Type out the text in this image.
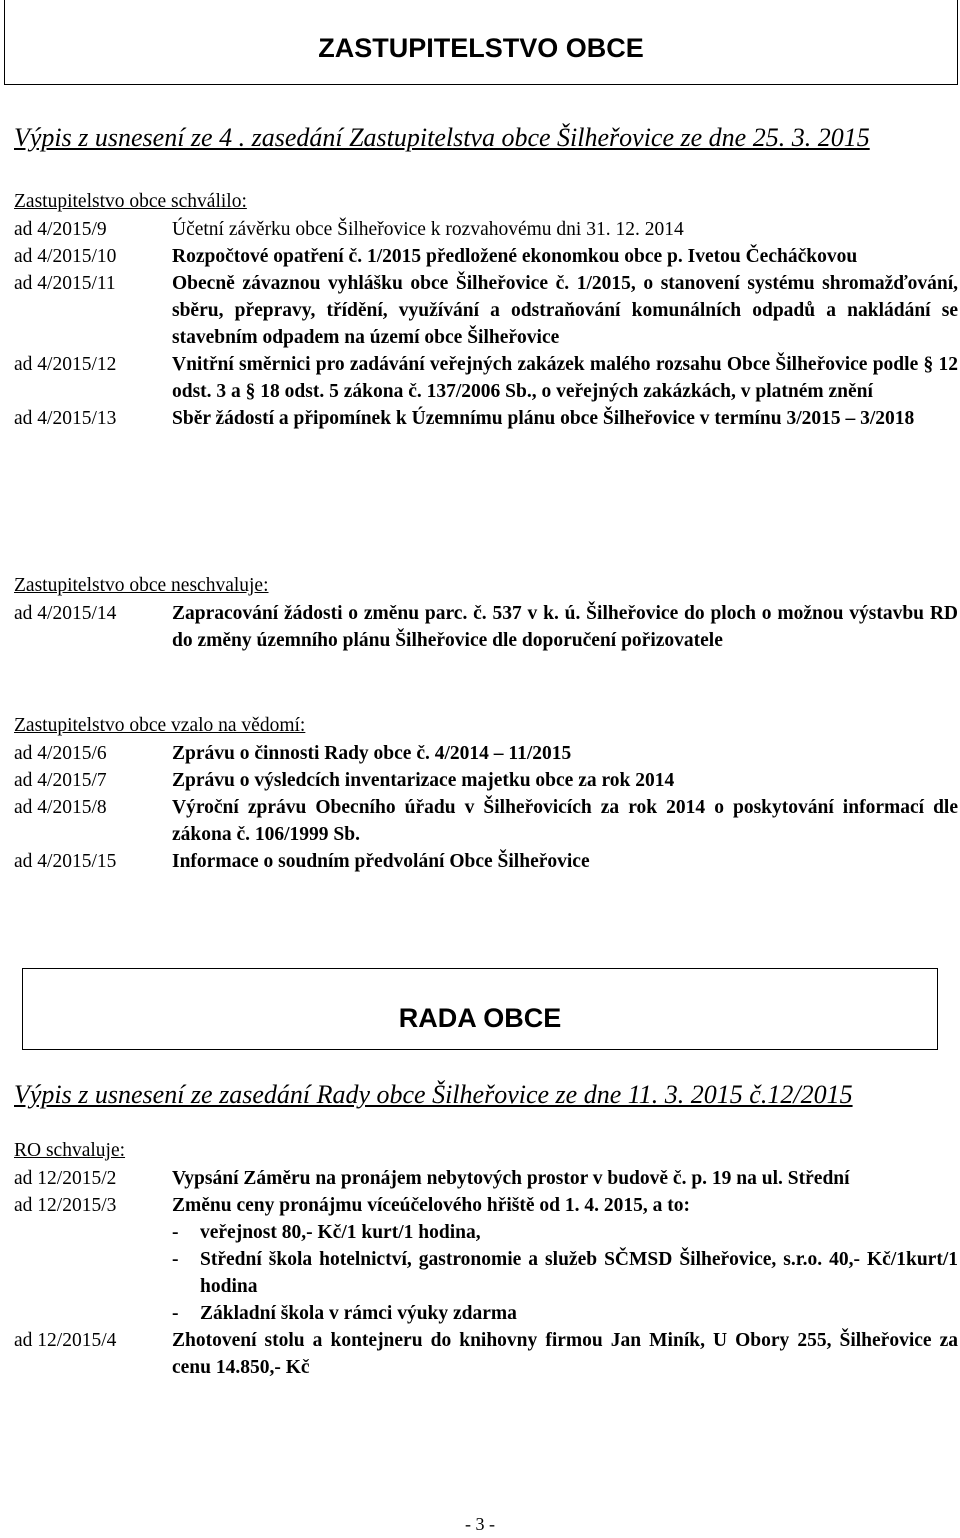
ZASTUPITELSTVO OBCE
Výpis z usnesení ze 4 . zasedání Zastupitelstva obce Šilheřovice ze dne 25. 3. 2015
Zastupitelstvo obce schválilo:
ad 4/2015/9	Účetní závěrku obce Šilheřovice k rozvahovému dni 31. 12. 2014
ad 4/2015/10	Rozpočtové opatření č. 1/2015 předložené ekonomkou obce p. Ivetou Čecháčkovou
ad 4/2015/11	Obecně závaznou vyhlášku obce Šilheřovice č. 1/2015, o stanovení systému shromažďování, sběru, přepravy, třídění, využívání a odstraňování komunálních odpadů a nakládání se stavebním odpadem na území obce Šilheřovice
ad 4/2015/12	Vnitřní směrnici pro zadávání veřejných zakázek malého rozsahu Obce Šilheřovice podle § 12 odst. 3 a § 18 odst. 5 zákona č. 137/2006 Sb., o veřejných zakázkách, v platném znění
ad 4/2015/13	Sběr žádostí a připomínek k Územnímu plánu obce Šilheřovice v termínu 3/2015 – 3/2018
Zastupitelstvo obce neschvaluje:
ad 4/2015/14	Zapracování žádosti o změnu parc. č. 537 v k. ú. Šilheřovice do ploch o možnou výstavbu RD do změny územního plánu Šilheřovice dle doporučení pořizovatele
Zastupitelstvo obce vzalo na vědomí:
ad 4/2015/6	Zprávu o činnosti Rady obce č. 4/2014 – 11/2015
ad 4/2015/7	Zprávu o výsledcích inventarizace majetku obce za rok 2014
ad 4/2015/8	Výroční zprávu Obecního úřadu v Šilheřovicích za rok 2014 o poskytování informací dle zákona č. 106/1999 Sb.
ad 4/2015/15	Informace o soudním předvolání Obce Šilheřovice
RADA OBCE
Výpis z usnesení ze zasedání Rady obce Šilheřovice ze dne 11. 3. 2015 č.12/2015
RO schvaluje:
ad 12/2015/2	Vypsání Záměru na pronájem nebytových prostor v budově č. p. 19 na ul. Střední
ad 12/2015/3	Změnu ceny pronájmu víceúčelového hřiště od 1. 4. 2015, a to:
-	veřejnost 80,- Kč/1 kurt/1 hodina,
-	Střední škola hotelnictví, gastronomie a služeb SČMSD Šilheřovice, s.r.o. 40,- Kč/1kurt/1 hodina
-	Základní škola v rámci výuky zdarma
ad 12/2015/4	Zhotovení stolu a kontejneru do knihovny firmou Jan Miník, U Obory 255, Šilheřovice za cenu 14.850,- Kč
- 3 -
